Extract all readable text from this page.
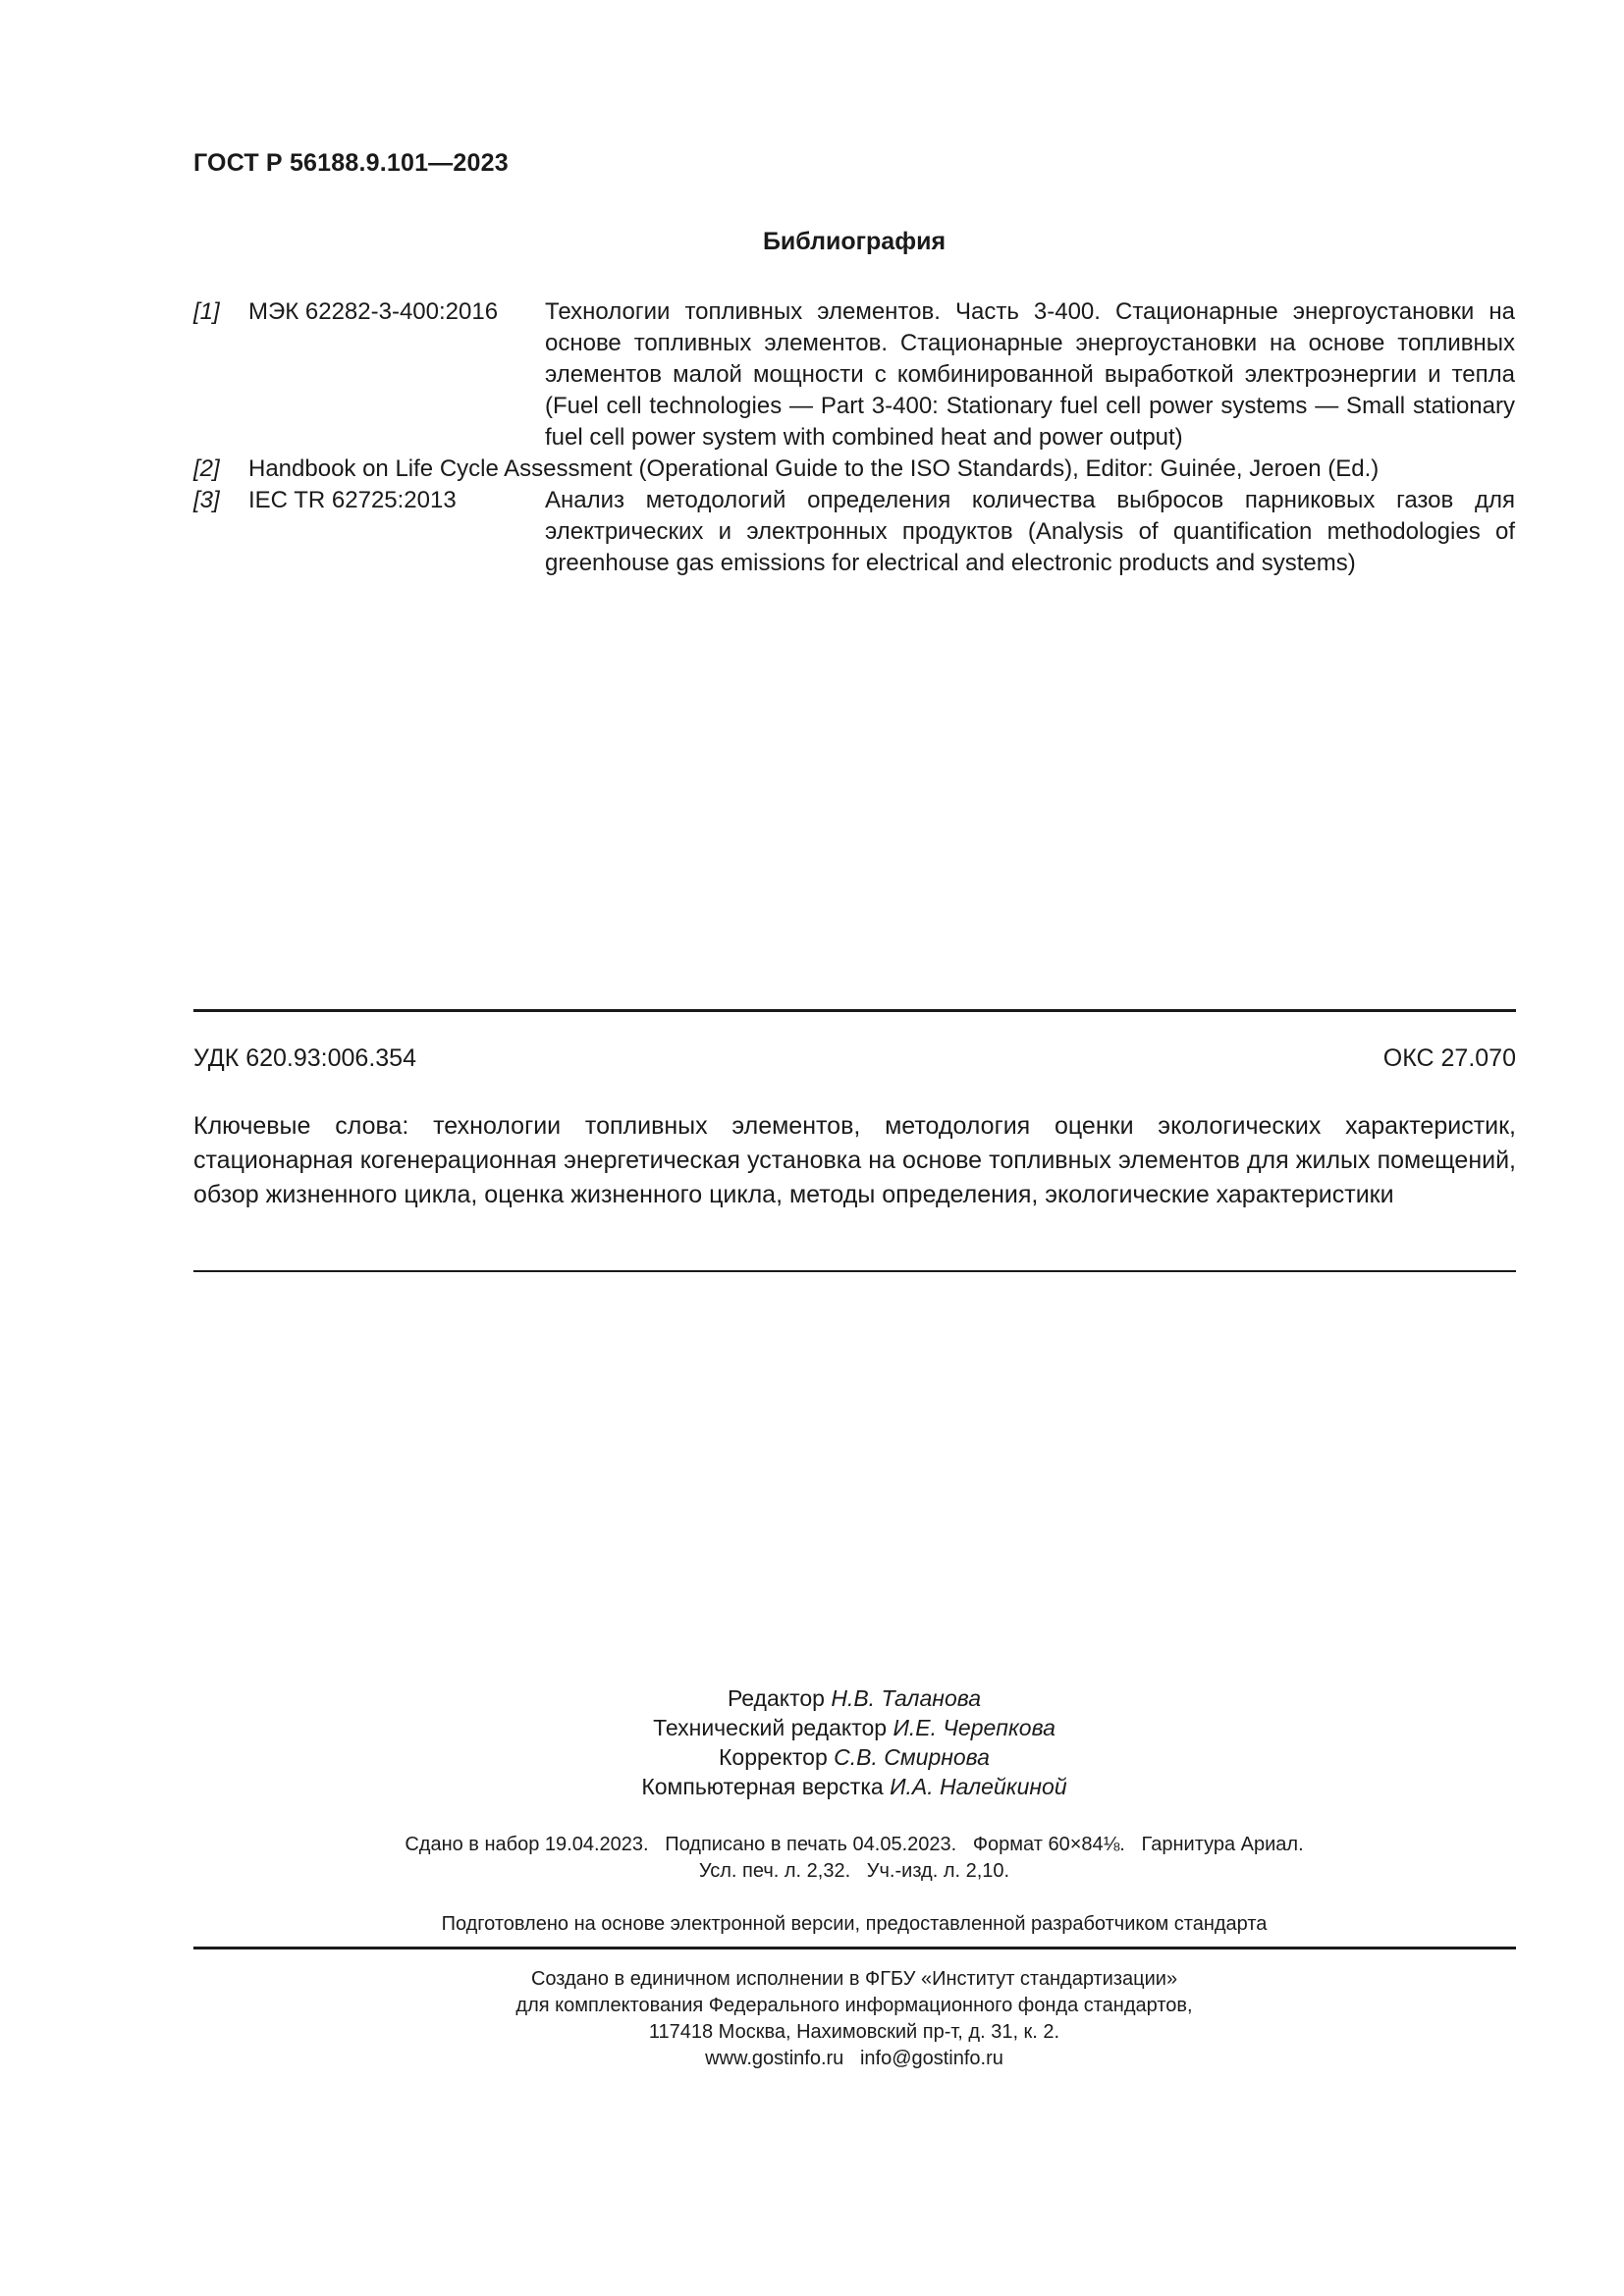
ГОСТ Р 56188.9.101—2023
Библиография
[1] МЭК 62282-3-400:2016 Технологии топливных элементов. Часть 3-400. Стационарные энергоустановки на основе топливных элементов. Стационарные энергоустановки на основе топливных элементов малой мощности с комбинированной выработкой электроэнергии и тепла (Fuel cell technologies — Part 3-400: Stationary fuel cell power systems — Small stationary fuel cell power system with combined heat and power output)
[2] Handbook on Life Cycle Assessment (Operational Guide to the ISO Standards), Editor: Guinée, Jeroen (Ed.)
[3] IEC TR 62725:2013	Анализ методологий определения количества выбросов парниковых газов для электрических и электронных продуктов (Analysis of quantification methodologies of greenhouse gas emissions for electrical and electronic products and systems)
УДК 620.93:006.354	ОКС 27.070
Ключевые слова: технологии топливных элементов, методология оценки экологических характеристик, стационарная когенерационная энергетическая установка на основе топливных элементов для жилых помещений, обзор жизненного цикла, оценка жизненного цикла, методы определения, экологические характеристики
Редактор Н.В. Таланова
Технический редактор И.Е. Черепкова
Корректор С.В. Смирнова
Компьютерная верстка И.А. Налейкиной
Сдано в набор 19.04.2023.   Подписано в печать 04.05.2023.   Формат 60×84⅛.   Гарнитура Ариал.
Усл. печ. л. 2,32.   Уч.-изд. л. 2,10.
Подготовлено на основе электронной версии, предоставленной разработчиком стандарта
Создано в единичном исполнении в ФГБУ «Институт стандартизации»
для комплектования Федерального информационного фонда стандартов,
117418 Москва, Нахимовский пр-т, д. 31, к. 2.
www.gostinfo.ru   info@gostinfo.ru
